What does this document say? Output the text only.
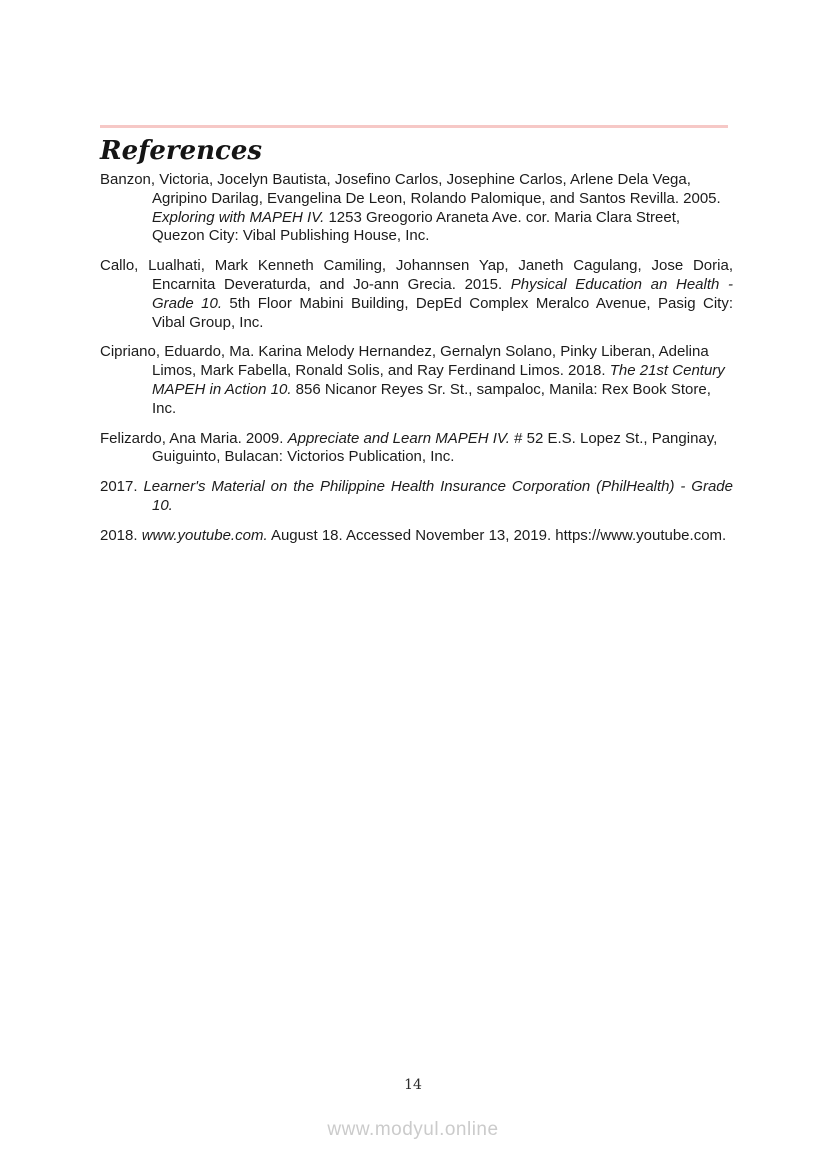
References

Banzon, Victoria, Jocelyn Bautista, Josefino Carlos, Josephine Carlos, Arlene Dela Vega, Agripino Darilag, Evangelina De Leon, Rolando Palomique, and Santos Revilla. 2005. Exploring with MAPEH IV. 1253 Greogorio Araneta Ave. cor. Maria Clara Street, Quezon City: Vibal Publishing House, Inc.

Callo, Lualhati, Mark Kenneth Camiling, Johannsen Yap, Janeth Cagulang, Jose Doria, Encarnita Deveraturda, and Jo-ann Grecia. 2015. Physical Education an Health - Grade 10. 5th Floor Mabini Building, DepEd Complex Meralco Avenue, Pasig City: Vibal Group, Inc.

Cipriano, Eduardo, Ma. Karina Melody Hernandez, Gernalyn Solano, Pinky Liberan, Adelina Limos, Mark Fabella, Ronald Solis, and Ray Ferdinand Limos. 2018. The 21st Century MAPEH in Action 10. 856 Nicanor Reyes Sr. St., sampaloc, Manila: Rex Book Store, Inc.

Felizardo, Ana Maria. 2009. Appreciate and Learn MAPEH IV. # 52 E.S. Lopez St., Panginay, Guiguinto, Bulacan: Victorios Publication, Inc.

2017. Learner's Material on the Philippine Health Insurance Corporation (PhilHealth) - Grade 10.

2018. www.youtube.com. August 18. Accessed November 13, 2019. https://www.youtube.com.

14
www.modyul.online
